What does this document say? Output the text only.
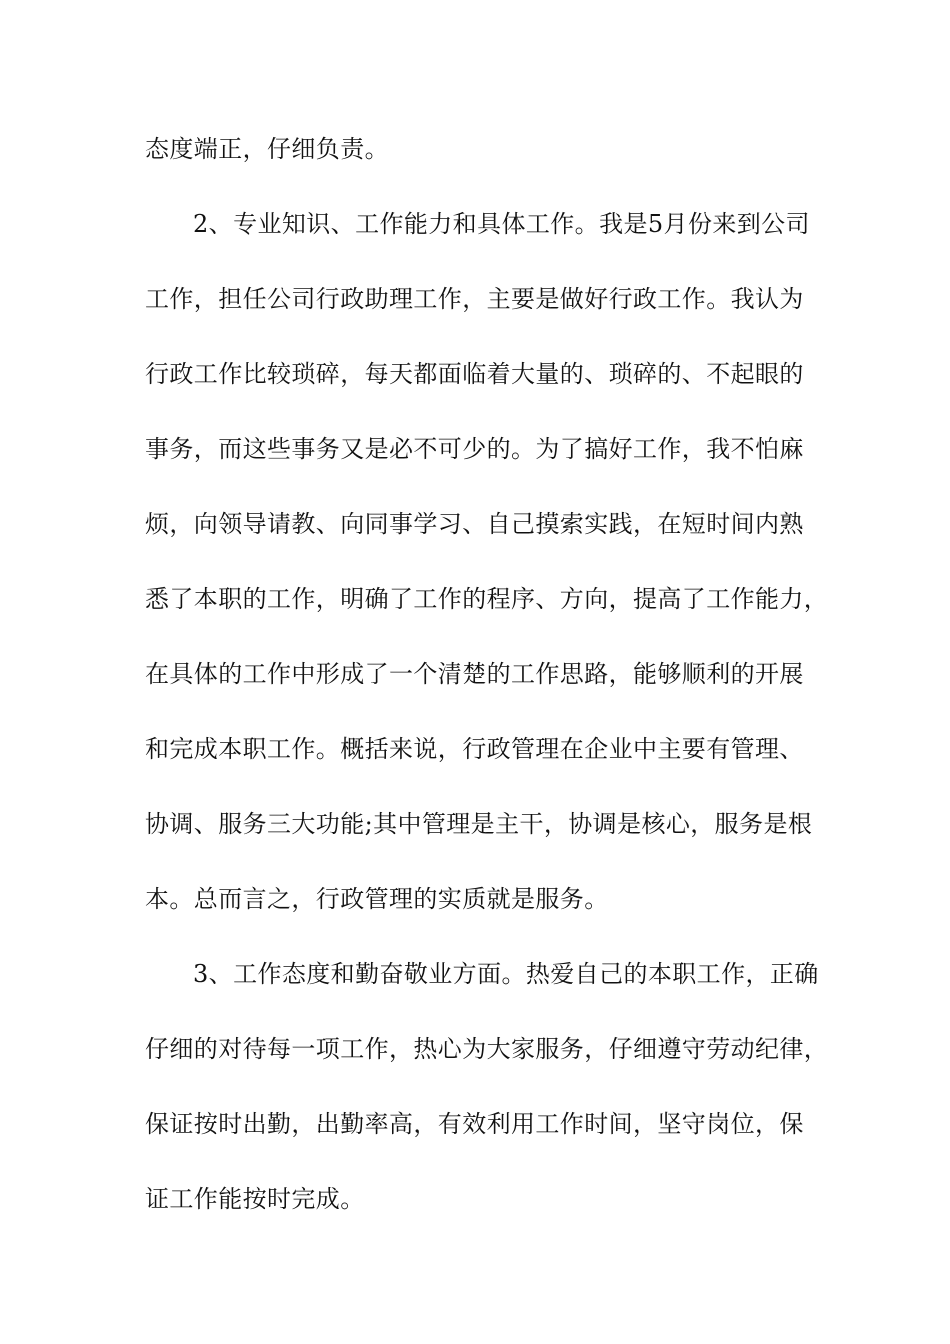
态度端正，仔细负责。
2、专业知识、工作能力和具体工作。我是5月份来到公司
工作，担任公司行政助理工作，主要是做好行政工作。我认为
行政工作比较琐碎，每天都面临着大量的、琐碎的、不起眼的
事务，而这些事务又是必不可少的。为了搞好工作，我不怕麻
烦，向领导请教、向同事学习、自己摸索实践，在短时间内熟
悉了本职的工作，明确了工作的程序、方向，提高了工作能力，
在具体的工作中形成了一个清楚的工作思路，能够顺利的开展
和完成本职工作。概括来说，行政管理在企业中主要有管理、
协调、服务三大功能;其中管理是主干，协调是核心，服务是根
本。总而言之，行政管理的实质就是服务。
3、工作态度和勤奋敬业方面。热爱自己的本职工作，正确
仔细的对待每一项工作，热心为大家服务，仔细遵守劳动纪律，
保证按时出勤，出勤率高，有效利用工作时间，坚守岗位，保
证工作能按时完成。
